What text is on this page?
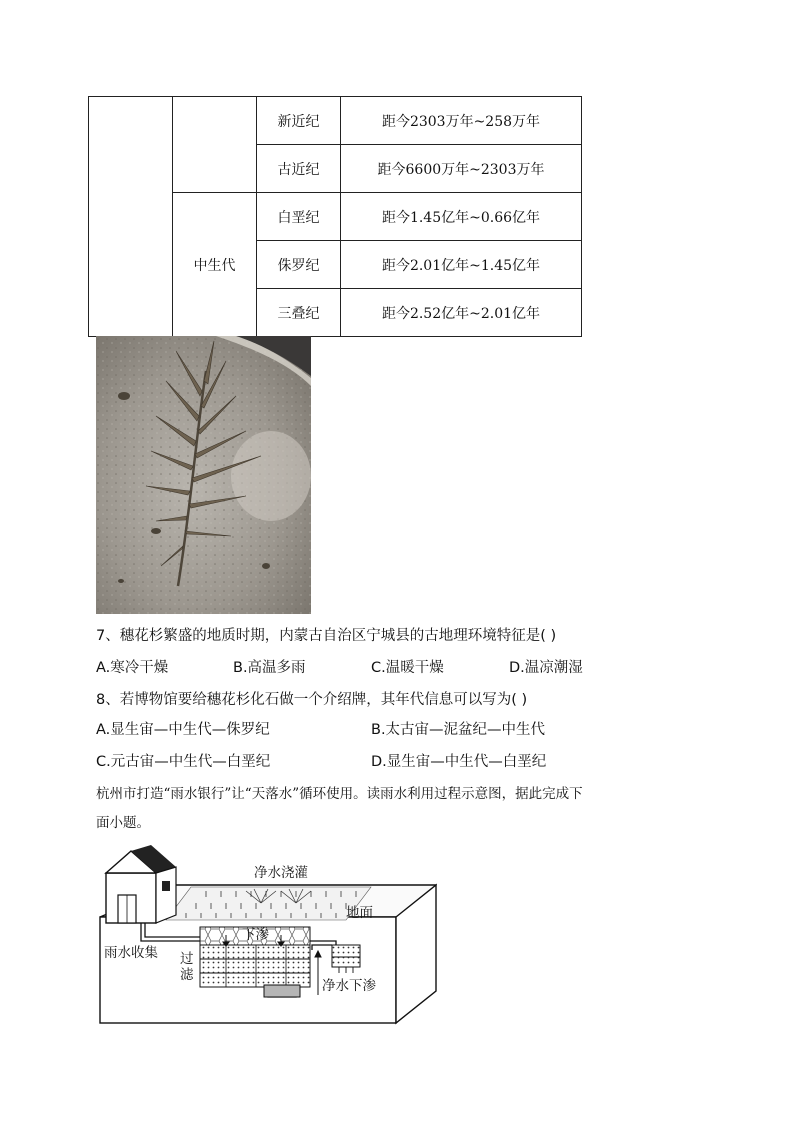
		新近纪	距今2303万年~258万年
		古近纪	距今6600万年~2303万年
	中生代	白垩纪	距今1.45亿年~0.66亿年
		侏罗纪	距今2.01亿年~1.45亿年
		三叠纪	距今2.52亿年~2.01亿年
7、穗花杉繁盛的地质时期，内蒙古自治区宁城县的古地理环境特征是( )
A.寒冷干燥	B.高温多雨	C.温暖干燥	D.温凉潮湿
8、若博物馆要给穗花杉化石做一个介绍牌，其年代信息可以写为( )
A.显生宙—中生代—侏罗纪	B.太古宙—泥盆纪—中生代
C.元古宙—中生代—白垩纪	D.显生宙—中生代—白垩纪
杭州市打造“雨水银行”让“天落水”循环使用。读雨水利用过程示意图，据此完成下
面小题。
净水浇灌
地面
下渗
雨水收集 过
滤
净水下渗
